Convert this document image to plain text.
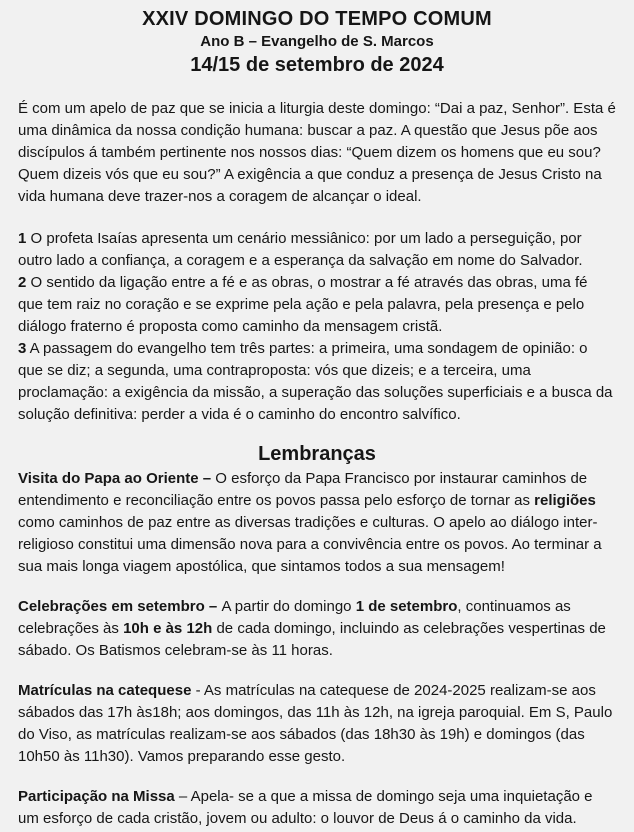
XXIV DOMINGO DO TEMPO COMUM
Ano B – Evangelho de S. Marcos
14/15 de setembro de 2024
É com um apelo de paz que se inicia a liturgia deste domingo: “Dai a paz, Senhor”. Esta é uma dinâmica da nossa condição humana: buscar a paz. A questão que Jesus põe aos discípulos á também pertinente nos nossos dias: “Quem dizem os homens que eu sou? Quem dizeis vós que eu sou?” A exigência a que conduz a presença de Jesus Cristo na vida humana deve trazer-nos a coragem de alcançar o ideal.
1 O profeta Isaías apresenta um cenário messiânico: por um lado a perseguição, por outro lado a confiança, a coragem e a esperança da salvação em nome do Salvador.
2 O sentido da ligação entre a fé e as obras, o mostrar a fé através das obras, uma fé que tem raiz no coração e se exprime pela ação e pela palavra, pela presença e pelo diálogo fraterno é proposta como caminho da mensagem cristã.
3 A passagem do evangelho tem três partes: a primeira, uma sondagem de opinião: o que se diz; a segunda, uma contraproposta: vós que dizeis; e a terceira, uma proclamação: a exigência da missão, a superação das soluções superficiais e a busca da solução definitiva: perder a vida é o caminho do encontro salvífico.
Lembranças
Visita do Papa ao Oriente – O esforço da Papa Francisco por instaurar caminhos de entendimento e reconciliação entre os povos passa pelo esforço de tornar as religiões como caminhos de paz entre as diversas tradições e culturas. O apelo ao diálogo inter-religioso constitui uma dimensão nova para a convivência entre os povos. Ao terminar a sua mais longa viagem apostólica, que sintamos todos a sua mensagem!
Celebrações em setembro – A partir do domingo 1 de setembro, continuamos as celebrações às 10h e às 12h de cada domingo, incluindo as celebrações vespertinas de sábado. Os Batismos celebram-se às 11 horas.
Matrículas na catequese - As matrículas na catequese de 2024-2025 realizam-se aos sábados das 17h às18h; aos domingos, das 11h às 12h, na igreja paroquial. Em S, Paulo do Viso, as matrículas realizam-se aos sábados (das 18h30 às 19h) e domingos (das 10h50 às 11h30). Vamos preparando esse gesto.
Participação na Missa – Apela- se a que a missa de domingo seja uma inquietação e um esforço de cada cristão, jovem ou adulto: o louvor de Deus á o caminho da vida.
